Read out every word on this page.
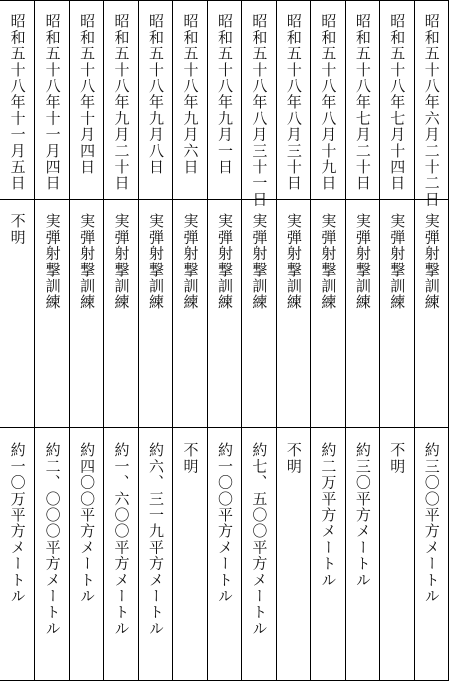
昭和五十八年六月二十二日
実弾射撃訓練
約三〇〇平方メートル
昭和五十八年七月十四日
実弾射撃訓練
不明
昭和五十八年七月二十日
実弾射撃訓練
約三〇平方メートル
昭和五十八年八月十九日
実弾射撃訓練
約二万平方メートル
昭和五十八年八月三十日
実弾射撃訓練
不明
昭和五十八年八月三十一日
実弾射撃訓練
約七、五〇〇平方メートル
昭和五十八年九月一日
実弾射撃訓練
約一〇〇平方メートル
昭和五十八年九月六日
実弾射撃訓練
不明
昭和五十八年九月八日
実弾射撃訓練
約六、三一九平方メートル
昭和五十八年九月二十日
実弾射撃訓練
約一、六〇〇平方メートル
昭和五十八年十月四日
実弾射撃訓練
約四〇〇平方メートル
昭和五十八年十一月四日
実弾射撃訓練
約二、〇〇〇平方メートル
昭和五十八年十一月五日
不明
約一〇万平方メートル
